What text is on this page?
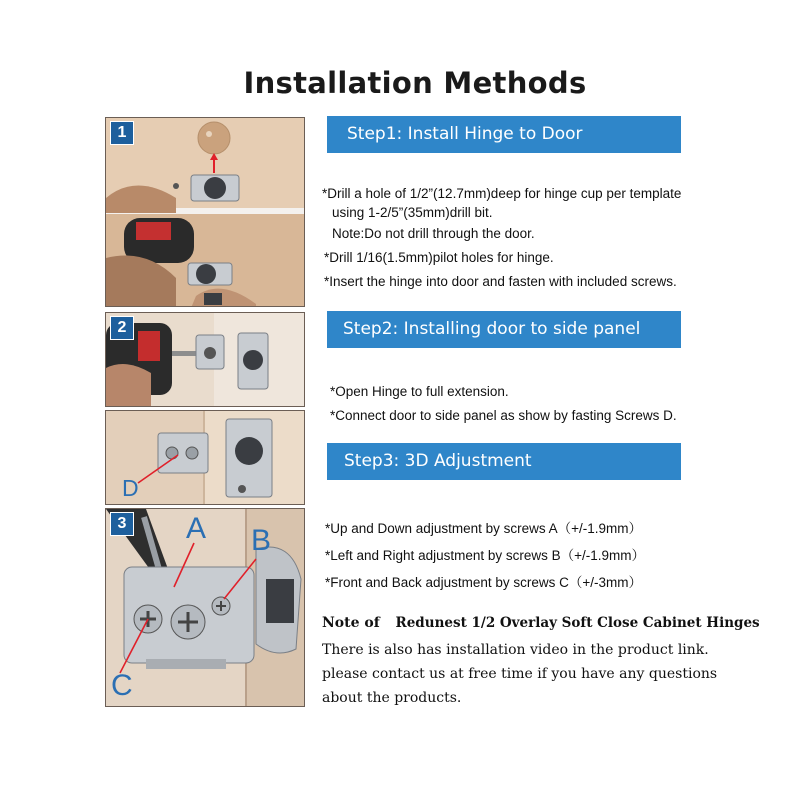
Installation Methods
1
2
D
3 A B
C
Step1: Install Hinge to Door
*Drill a hole of 1/2”(12.7mm)deep for hinge cup per template
using 1-2/5”(35mm)drill bit.
Note:Do not drill through the door.
*Drill 1/16(1.5mm)pilot holes for hinge.
*Insert the hinge into door and fasten with included screws.
Step2: Installing door to side panel
*Open Hinge to full extension.
*Connect door to side panel as show by fasting Screws D.
Step3: 3D Adjustment
*Up and Down adjustment by screws A（+/-1.9mm）
*Left and Right adjustment by screws B（+/-1.9mm）
*Front and Back adjustment by screws C（+/-3mm）
Note of Redunest 1/2 Overlay Soft Close Cabinet Hinges
There is also has installation video in the product link.
please contact us at free time if you have any questions
about the products.
